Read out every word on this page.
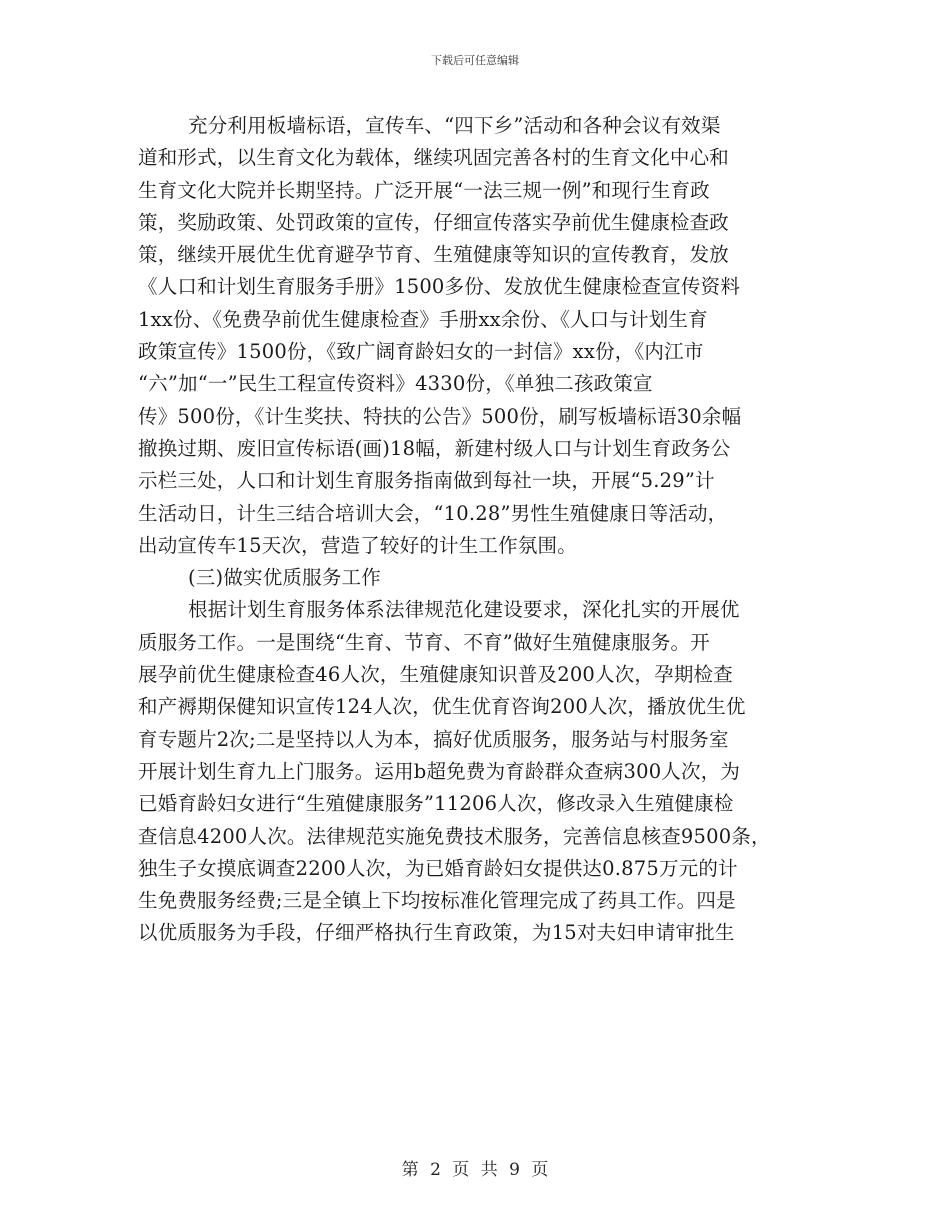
下载后可任意编辑
充分利用板墙标语，宣传车、“四下乡”活动和各种会议有效渠
道和形式，以生育文化为载体，继续巩固完善各村的生育文化中心和
生育文化大院并长期坚持。广泛开展“一法三规一例”和现行生育政
策，奖励政策、处罚政策的宣传，仔细宣传落实孕前优生健康检查政
策，继续开展优生优育避孕节育、生殖健康等知识的宣传教育，发放
《人口和计划生育服务手册》1500多份、发放优生健康检查宣传资料
1xx份、《免费孕前优生健康检查》手册xx余份、《人口与计划生育
政策宣传》1500份，《致广阔育龄妇女的一封信》xx份，《内江市
“六”加“一”民生工程宣传资料》4330份，《单独二孩政策宣
传》500份，《计生奖扶、特扶的公告》500份，刷写板墙标语30余幅
撤换过期、废旧宣传标语(画)18幅，新建村级人口与计划生育政务公
示栏三处，人口和计划生育服务指南做到每社一块，开展“5.29”计
生活动日，计生三结合培训大会，“10.28”男性生殖健康日等活动，
出动宣传车15天次，营造了较好的计生工作氛围。
(三)做实优质服务工作
根据计划生育服务体系法律规范化建设要求，深化扎实的开展优
质服务工作。一是围绕“生育、节育、不育”做好生殖健康服务。开
展孕前优生健康检查46人次，生殖健康知识普及200人次，孕期检查
和产褥期保健知识宣传124人次，优生优育咨询200人次，播放优生优
育专题片2次;二是坚持以人为本，搞好优质服务，服务站与村服务室
开展计划生育九上门服务。运用b超免费为育龄群众查病300人次，为
已婚育龄妇女进行“生殖健康服务”11206人次，修改录入生殖健康检
查信息4200人次。法律规范实施免费技术服务，完善信息核查9500条，
独生子女摸底调查2200人次，为已婚育龄妇女提供达0.875万元的计
生免费服务经费;三是全镇上下均按标准化管理完成了药具工作。四是
以优质服务为手段，仔细严格执行生育政策，为15对夫妇申请审批生
第 2 页 共 9 页
